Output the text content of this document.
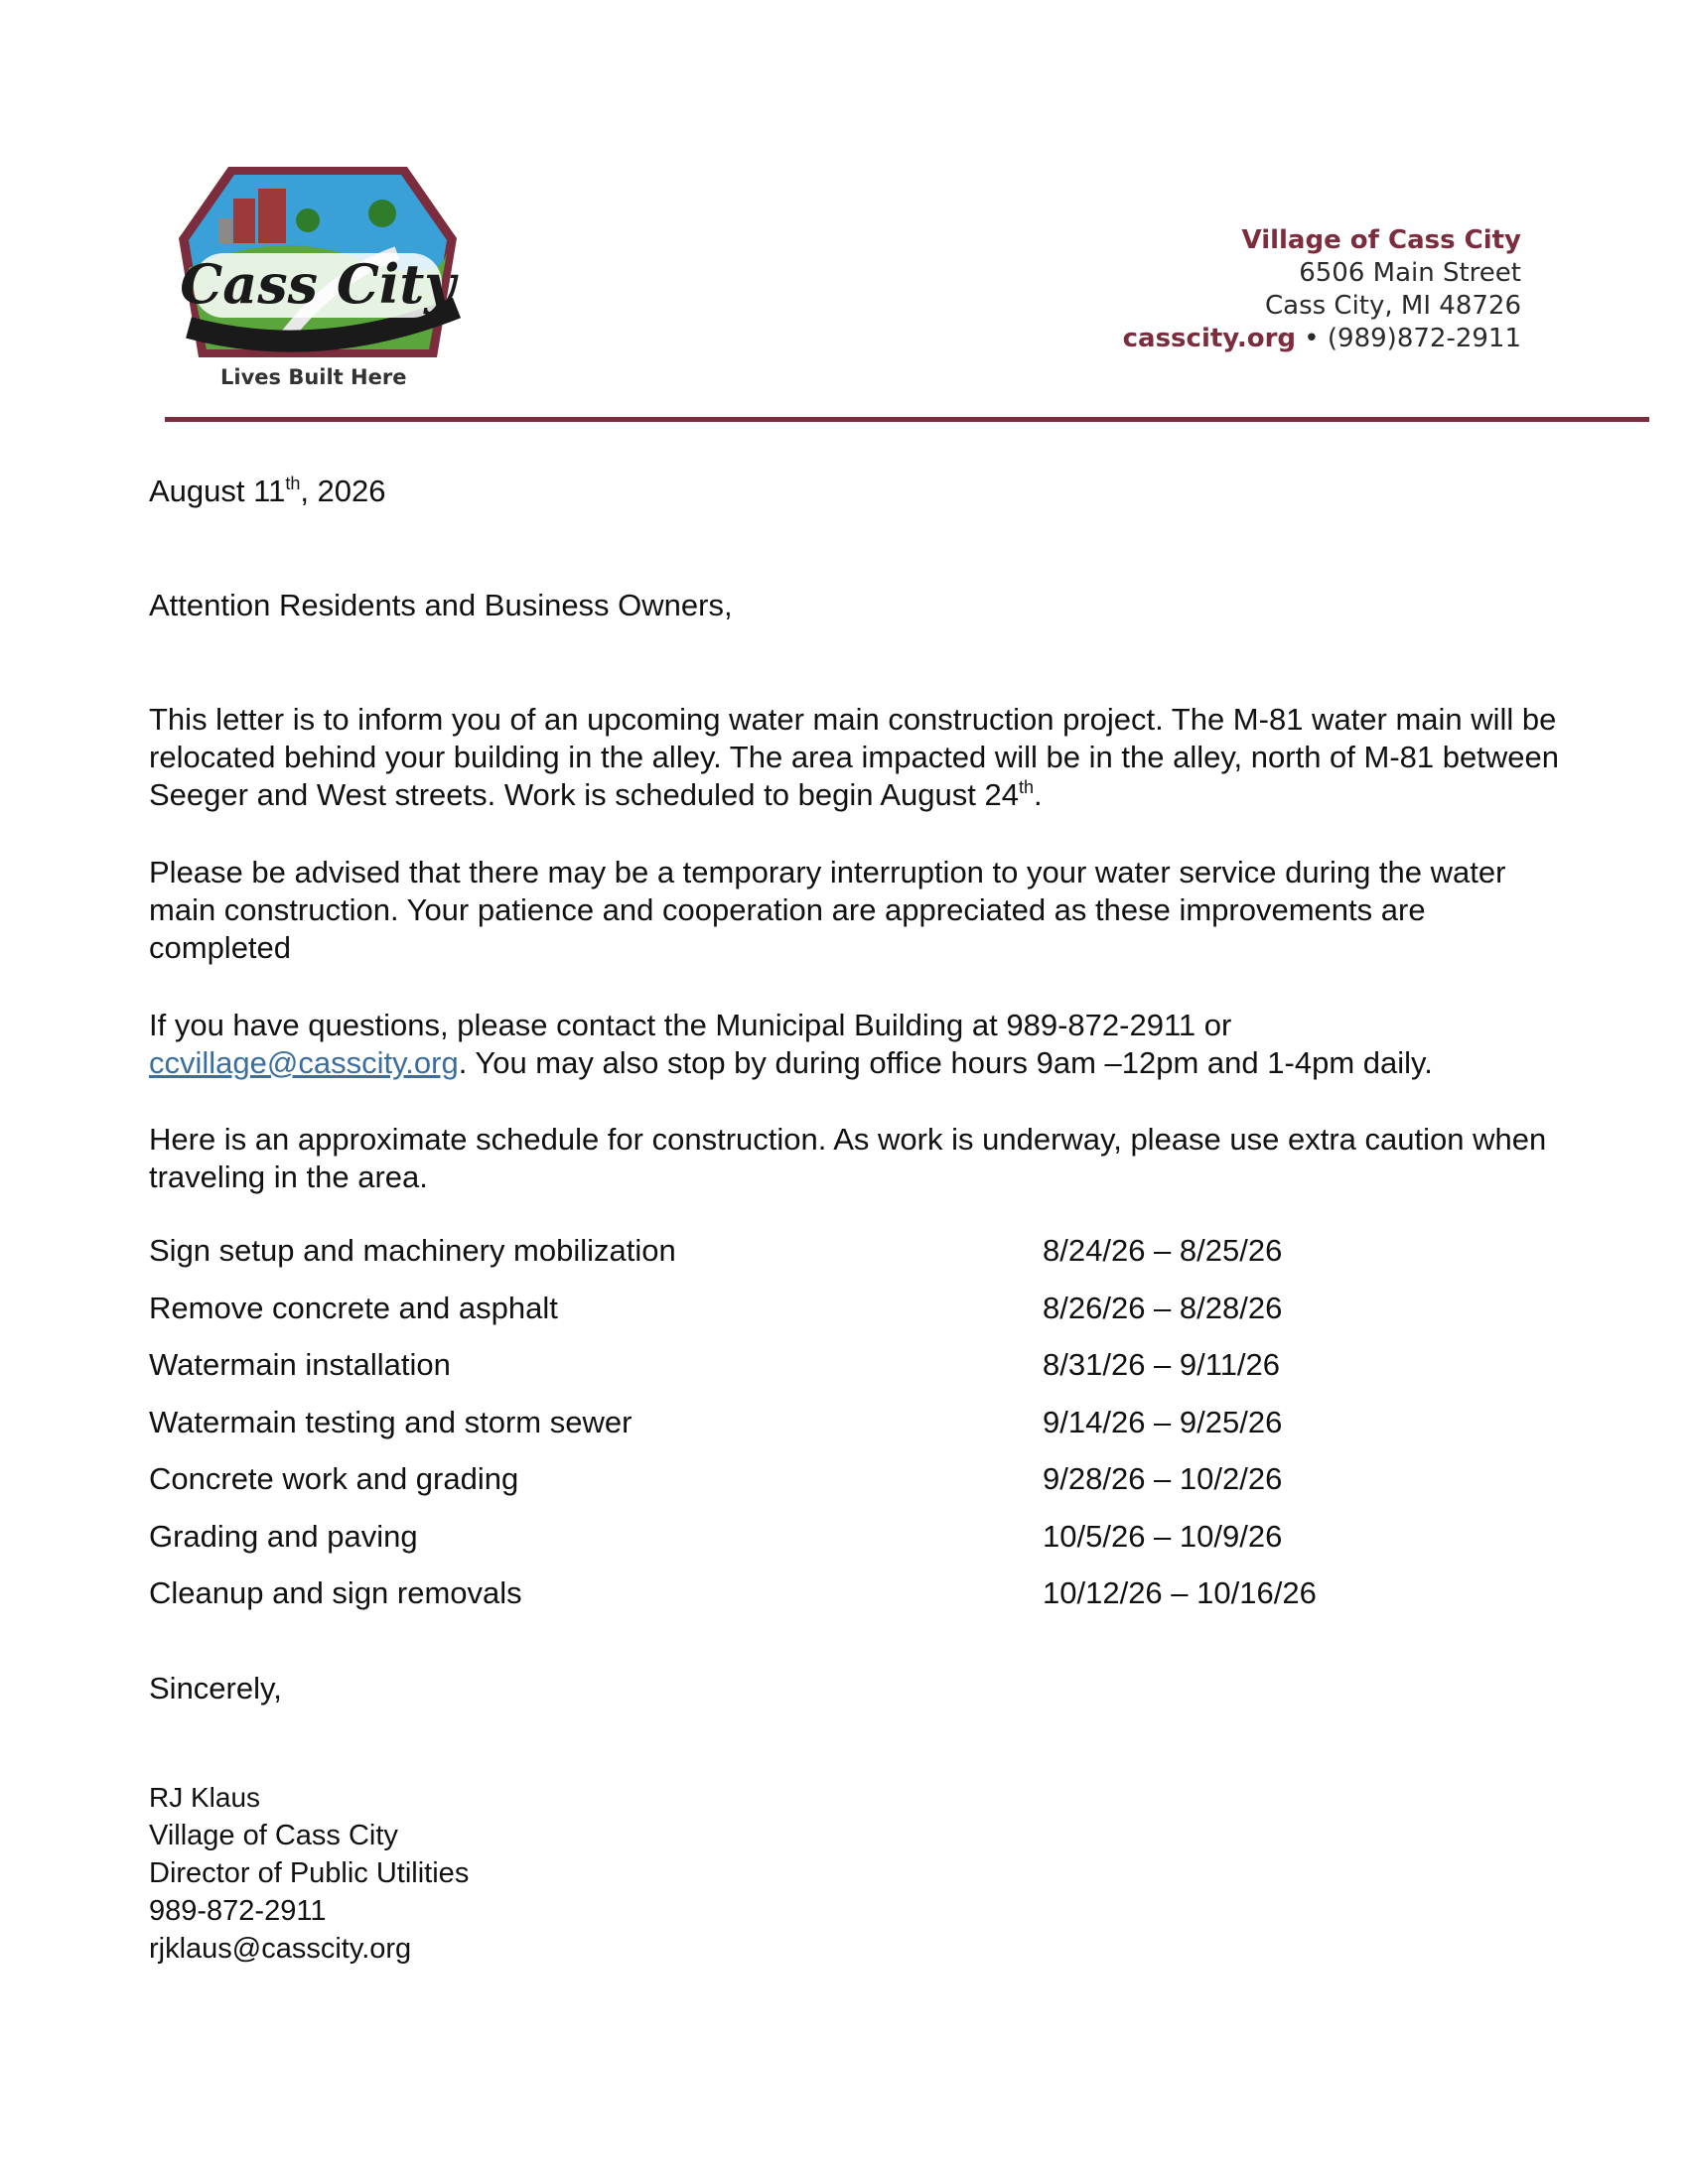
Cass City
Lives Built Here
Village of Cass City
6506 Main Street
Cass City, MI 48726
casscity.org • (989)872-2911
August 11th, 2026
Attention Residents and Business Owners,
This letter is to inform you of an upcoming water main construction project. The M-81 water main will be relocated behind your building in the alley. The area impacted will be in the alley, north of M-81 between Seeger and West streets. Work is scheduled to begin August 24th.
Please be advised that there may be a temporary interruption to your water service during the water main construction. Your patience and cooperation are appreciated as these improvements are completed
If you have questions, please contact the Municipal Building at 989-872-2911 or
ccvillage@casscity.org. You may also stop by during office hours 9am –12pm and 1-4pm daily.
Here is an approximate schedule for construction. As work is underway, please use extra caution when traveling in the area.
Sign setup and machinery mobilization	8/24/26 – 8/25/26
Remove concrete and asphalt	8/26/26 – 8/28/26
Watermain installation	8/31/26 – 9/11/26
Watermain testing and storm sewer	9/14/26 – 9/25/26
Concrete work and grading	9/28/26 – 10/2/26
Grading and paving	10/5/26 – 10/9/26
Cleanup and sign removals	10/12/26 – 10/16/26
Sincerely,
RJ Klaus
Village of Cass City
Director of Public Utilities
989-872-2911
rjklaus@casscity.org
